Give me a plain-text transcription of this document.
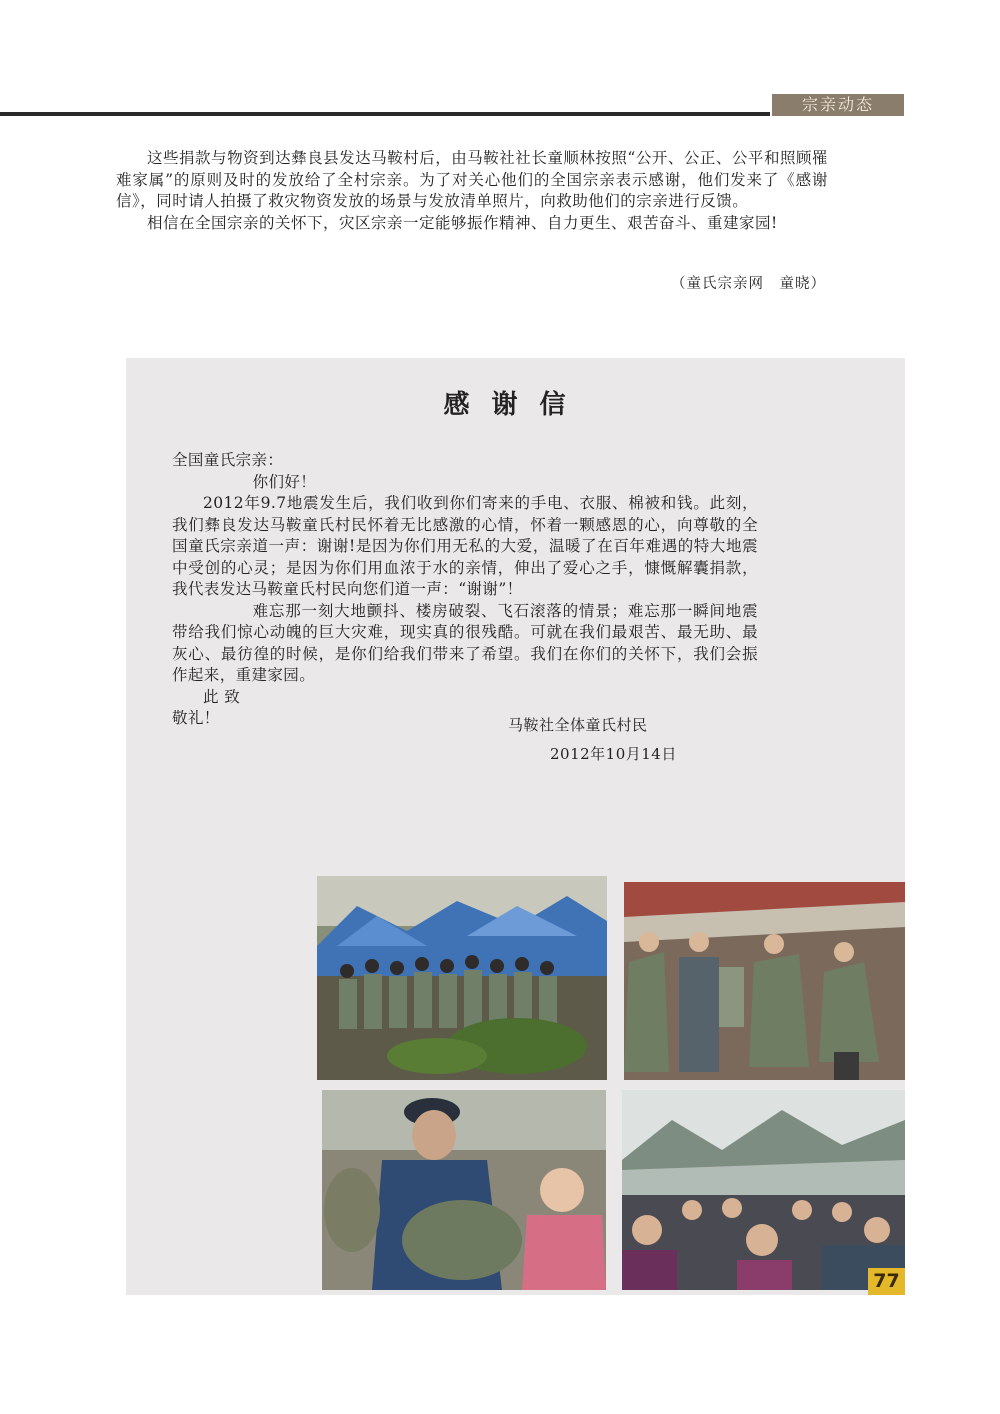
宗亲动态

这些捐款与物资到达彝良县发达马鞍村后，由马鞍社社长童顺林按照“公开、公正、公平和照顾罹难家属”的原则及时的发放给了全村宗亲。为了对关心他们的全国宗亲表示感谢，他们发来了《感谢信》，同时请人拍摄了救灾物资发放的场景与发放清单照片，向救助他们的宗亲进行反馈。

相信在全国宗亲的关怀下，灾区宗亲一定能够振作精神、自力更生、艰苦奋斗、重建家园!

（童氏宗亲网　童晓）
感谢信

全国童氏宗亲：

你们好！

2012年9.7地震发生后，我们收到你们寄来的手电、衣服、棉被和钱。此刻，我们彝良发达马鞍童氏村民怀着无比感激的心情，怀着一颗感恩的心，向尊敬的全国童氏宗亲道一声：谢谢!是因为你们用无私的大爱，温暖了在百年难遇的特大地震中受创的心灵；是因为你们用血浓于水的亲情，伸出了爱心之手，慷慨解囊捐款，我代表发达马鞍童氏村民向您们道一声：“谢谢”！

难忘那一刻大地颤抖、楼房破裂、飞石滚落的情景；难忘那一瞬间地震带给我们惊心动魄的巨大灾难，现实真的很残酷。可就在我们最艰苦、最无助、最灰心、最彷徨的时候，是你们给我们带来了希望。我们在你们的关怀下，我们会振作起来，重建家园。

此 致

敬礼！	马鞍社全体童氏村民
2012年10月14日
77
